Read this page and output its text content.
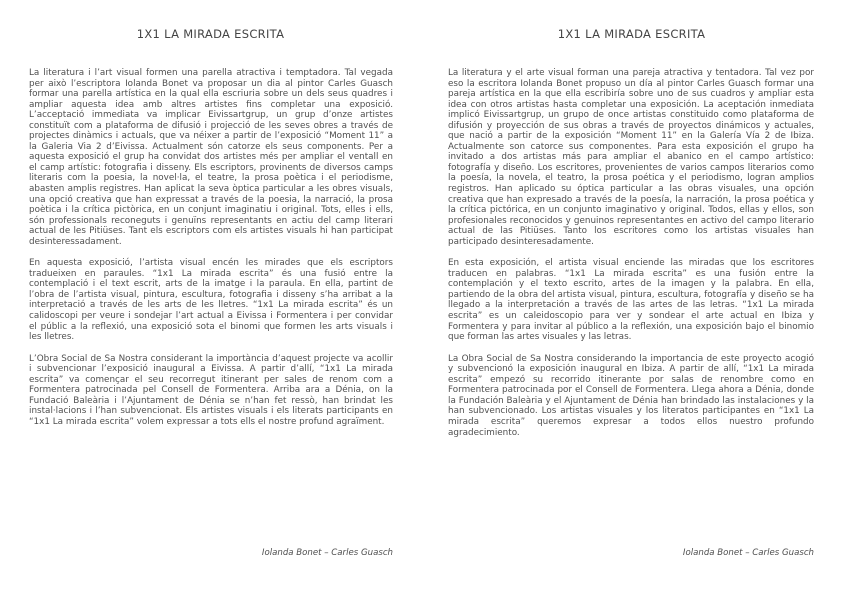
1X1 LA MIRADA ESCRITA

La literatura i l’art visual formen una parella atractiva i temptadora. Tal vegada per això l’escriptora Iolanda Bonet va proposar un dia al pintor Carles Guasch formar una parella artística en la qual ella escriuria sobre un dels seus quadres i ampliar aquesta idea amb altres artistes fins completar una exposició. L’acceptació immediata va implicar Eivissartgrup, un grup d’onze artistes constituït com a plataforma de difusió i projecció de les seves obres a través de projectes dinàmics i actuals, que va néixer a partir de l’exposició “Moment 11” a la Galeria Via 2 d’Eivissa. Actualment són catorze els seus components. Per a aquesta exposició el grup ha convidat dos artistes més per ampliar el ventall en el camp artístic: fotografia i disseny. Els escriptors, provinents de diversos camps literaris com la poesia, la novel·la, el teatre, la prosa poètica i el periodisme, abasten amplis registres. Han aplicat la seva òptica particular a les obres visuals, una opció creativa que han expressat a través de la poesia, la narració, la prosa poètica i la crítica pictòrica, en un conjunt imaginatiu i original. Tots, elles i ells, són professionals reconeguts i genuïns representants en actiu del camp literari actual de les Pitiüses. Tant els escriptors com els artistes visuals hi han participat desinteressadament.

En aquesta exposició, l’artista visual encén les mirades que els escriptors tradueixen en paraules. “1x1 La mirada escrita” és una fusió entre la contemplació i el text escrit, arts de la imatge i la paraula. En ella, partint de l’obra de l’artista visual, pintura, escultura, fotografia i disseny s’ha arribat a la interpretació a través de les arts de les lletres. “1x1 La mirada escrita” és un calidoscopi per veure i sondejar l’art actual a Eivissa i Formentera i per convidar el públic a la reflexió, una exposició sota el binomi que formen les arts visuals i les lletres.

L’Obra Social de Sa Nostra considerant la importància d’aquest projecte va acollir i subvencionar l’exposició inaugural a Eivissa. A partir d’allí, “1x1 La mirada escrita” va començar el seu recorregut itinerant per sales de renom com a Formentera patrocinada pel Consell de Formentera. Arriba ara a Dénia, on la Fundació Baleària i l’Ajuntament de Dénia se n’han fet ressò, han brindat les instal·lacions i l’han subvencionat. Els artistes visuals i els literats participants en “1x1 La mirada escrita” volem expressar a tots ells el nostre profund agraïment.

Iolanda Bonet – Carles Guasch
1X1 LA MIRADA ESCRITA

La literatura y el arte visual forman una pareja atractiva y tentadora. Tal vez por eso la escritora Iolanda Bonet propuso un día al pintor Carles Guasch formar una pareja artística en la que ella escribiría sobre uno de sus cuadros y ampliar esta idea con otros artistas hasta completar una exposición. La aceptación inmediata implicó Eivissartgrup, un grupo de once artistas constituido como plataforma de difusión y proyección de sus obras a través de proyectos dinámicos y actuales, que nació a partir de la exposición “Moment 11” en la Galería Vía 2 de Ibiza. Actualmente son catorce sus componentes. Para esta exposición el grupo ha invitado a dos artistas más para ampliar el abanico en el campo artístico: fotografía y diseño. Los escritores, provenientes de varios campos literarios como la poesía, la novela, el teatro, la prosa poética y el periodismo, logran amplios registros. Han aplicado su óptica particular a las obras visuales, una opción creativa que han expresado a través de la poesía, la narración, la prosa poética y la crítica pictórica, en un conjunto imaginativo y original. Todos, ellas y ellos, son profesionales reconocidos y genuinos representantes en activo del campo literario actual de las Pitiüses. Tanto los escritores como los artistas visuales han participado desinteresadamente.

En esta exposición, el artista visual enciende las miradas que los escritores traducen en palabras. “1x1 La mirada escrita” es una fusión entre la contemplación y el texto escrito, artes de la imagen y la palabra. En ella, partiendo de la obra del artista visual, pintura, escultura, fotografía y diseño se ha llegado a la interpretación a través de las artes de las letras. “1x1 La mirada escrita” es un caleidoscopio para ver y sondear el arte actual en Ibiza y Formentera y para invitar al público a la reflexión, una exposición bajo el binomio que forman las artes visuales y las letras.

La Obra Social de Sa Nostra considerando la importancia de este proyecto acogió y subvencionó la exposición inaugural en Ibiza. A partir de allí, “1x1 La mirada escrita” empezó su recorrido itinerante por salas de renombre como en Formentera patrocinada por el Consell de Formentera. Llega ahora a Dénia, donde la Fundación Baleària y el Ajuntament de Dénia han brindado las instalaciones y la han subvencionado. Los artistas visuales y los literatos participantes en “1x1 La mirada escrita” queremos expresar a todos ellos nuestro profundo agradecimiento.

Iolanda Bonet – Carles Guasch
